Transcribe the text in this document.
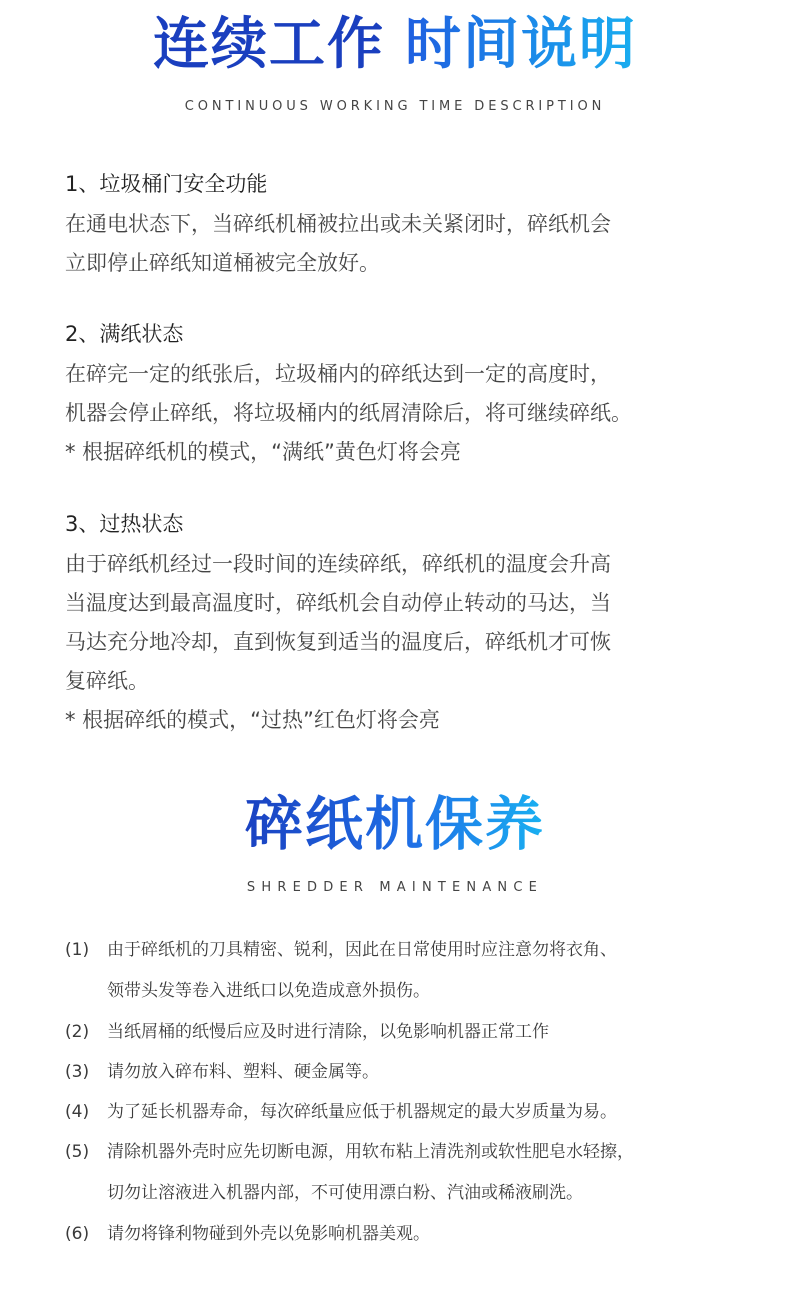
连续工作 时间说明
CONTINUOUS WORKING TIME DESCRIPTION
1、垃圾桶门安全功能
在通电状态下，当碎纸机桶被拉出或未关紧闭时，碎纸机会
立即停止碎纸知道桶被完全放好。
2、满纸状态
在碎完一定的纸张后，垃圾桶内的碎纸达到一定的高度时，
机器会停止碎纸，将垃圾桶内的纸屑清除后，将可继续碎纸。
* 根据碎纸机的模式，“满纸”黄色灯将会亮
3、过热状态
由于碎纸机经过一段时间的连续碎纸，碎纸机的温度会升高
当温度达到最高温度时，碎纸机会自动停止转动的马达，当
马达充分地冷却，直到恢复到适当的温度后，碎纸机才可恢
复碎纸。
* 根据碎纸的模式，“过热”红色灯将会亮
碎纸机保养
SHREDDER MAINTENANCE
(1)	由于碎纸机的刀具精密、锐利，因此在日常使用时应注意勿将衣角、
领带头发等卷入进纸口以免造成意外损伤。
(2)	当纸屑桶的纸慢后应及时进行清除，以免影响机器正常工作
(3)	请勿放入碎布料、塑料、硬金属等。
(4)	为了延长机器寿命，每次碎纸量应低于机器规定的最大岁质量为易。
(5)	清除机器外壳时应先切断电源，用软布粘上清洗剂或软性肥皂水轻擦，
切勿让溶液进入机器内部，不可使用漂白粉、汽油或稀液刷洗。
(6)	请勿将锋利物碰到外壳以免影响机器美观。
